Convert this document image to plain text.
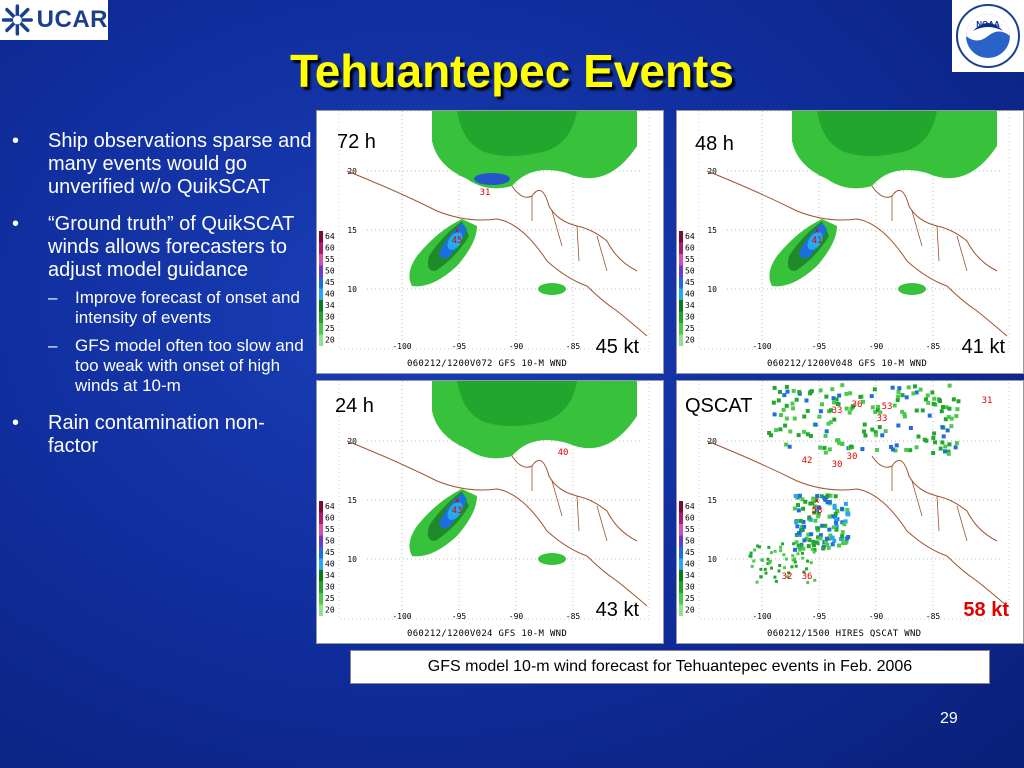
UCAR	NOAA
Tehuantepec Events
•	Ship observations sparse and many events would go unverified w/o QuikSCAT
•	“Ground truth” of QuikSCAT winds allows forecasters to adjust model guidance
–	Improve forecast of onset and intensity of events
–	GFS model often too slow and too weak with onset of high winds at 10-m
•	Rain contamination non-factor
20
15
10
-100	-95	-90	-85
64
60
55
50
45
40
34
30
25
20
45
x
31
72 h
45 kt
060212/1200V072 GFS 10-M WND
20
15
10
-100	-95	-90	-85
64
60
55
50
45
40
34
30
25
20
41
x
48 h
41 kt
060212/1200V048 GFS 10-M WND
20
15
10
-100	-95	-90	-85
64
60
55
50
45
40
34
30
25
20
43
x
40
24 h
43 kt
060212/1200V024 GFS 10-M WND
20
15
10
-100	-95	-90	-85
64
60
55
50
45
40
34
30
25
20
58
x
31
33
36 53
33
42 30
30
32 36
QSCAT
58 kt
060212/1500 HIRES QSCAT WND
GFS model 10-m wind forecast for Tehuantepec events in Feb. 2006
29
